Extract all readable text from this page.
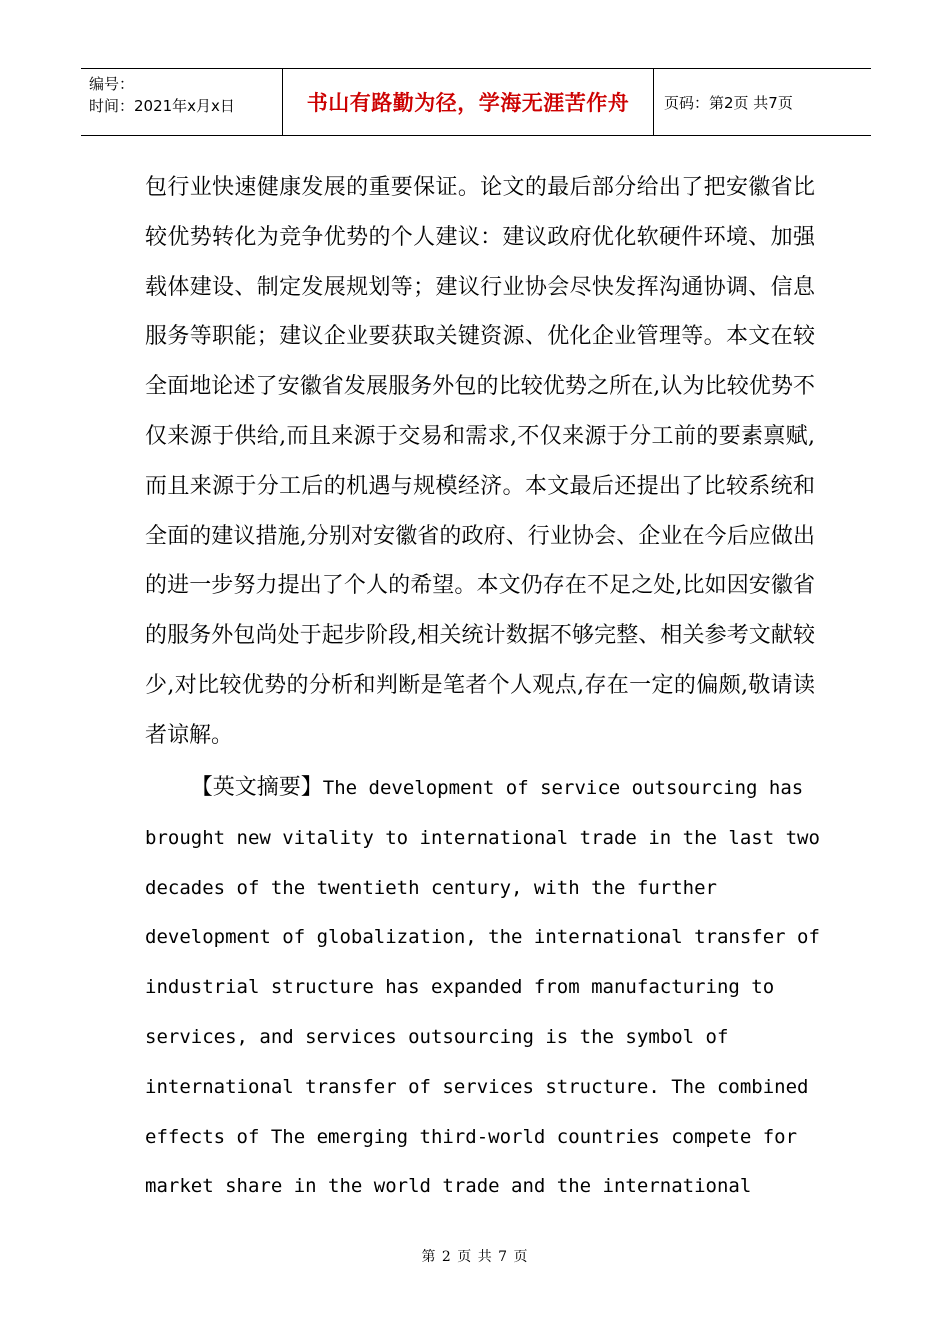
编号：
时间：2021年x月x日	书山有路勤为径，学海无涯苦作舟	页码：第2页 共7页

包行业快速健康发展的重要保证。论文的最后部分给出了把安徽省比较优势转化为竞争优势的个人建议：建议政府优化软硬件环境、加强载体建设、制定发展规划等；建议行业协会尽快发挥沟通协调、信息服务等职能；建议企业要获取关键资源、优化企业管理等。本文在较全面地论述了安徽省发展服务外包的比较优势之所在,认为比较优势不仅来源于供给,而且来源于交易和需求,不仅来源于分工前的要素禀赋,而且来源于分工后的机遇与规模经济。本文最后还提出了比较系统和全面的建议措施,分别对安徽省的政府、行业协会、企业在今后应做出的进一步努力提出了个人的希望。本文仍存在不足之处,比如因安徽省的服务外包尚处于起步阶段,相关统计数据不够完整、相关参考文献较少,对比较优势的分析和判断是笔者个人观点,存在一定的偏颇,敬请读者谅解。

【英文摘要】The development of service outsourcing has
brought new vitality to international trade in the last two
decades of the twentieth century, with the further
development of globalization, the international transfer of
industrial structure has expanded from manufacturing to
services, and services outsourcing is the symbol of
international transfer of services structure. The combined
effects of The emerging third-world countries compete for
market share in the world trade and the international
第 2 页 共 7 页
